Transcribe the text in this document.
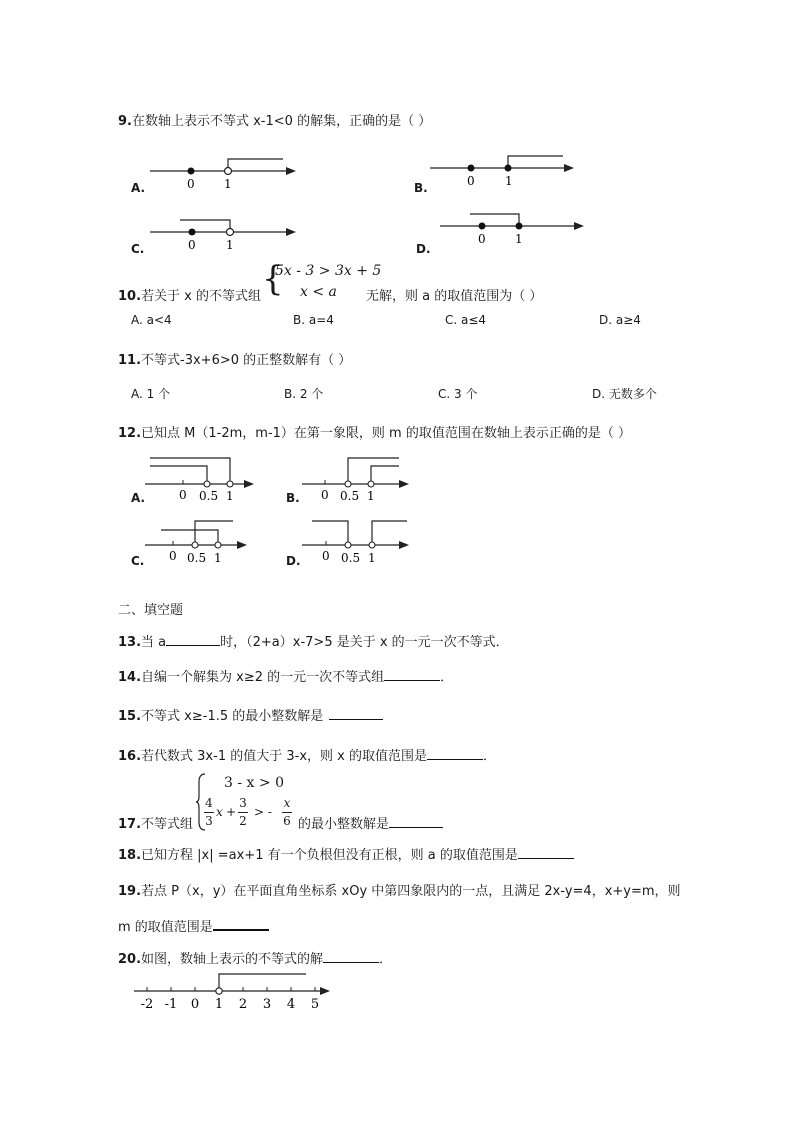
9.在数轴上表示不等式 x-1<0 的解集，正确的是（ ）
A.	0 1	B.	0	1
C.	0	1	D.
0 1
10.若关于 x 的不等式组 {
5x - 3 > 3x + 5
x < a 无解，则 a 的取值范围为（ ）
A. a<4	B. a=4	C. a≤4	D. a≥4
11.不等式-3x+6>0 的正整数解有（ ）
A. 1 个	B. 2 个	C. 3 个	D. 无数多个
12.已知点 M（1-2m，m-1）在第一象限，则 m 的取值范围在数轴上表示正确的是（ ）
A.	0 0.5 1	B. 0 0.5 1
C. 0 0.5 1	D. 0 0.5 1
二、填空题
13.当 a	时，（2+a）x-7>5 是关于 x 的一元一次不等式．
14.自编一个解集为 x≥2 的一元一次不等式组	．
15.不等式 x≥-1.5 的最小整数解是
16.若代数式 3x-1 的值大于 3-x，则 x 的取值范围是	．
17.不等式组
3 - x > 0
4
3
x +
3
2
> -
x
6 的最小整数解是
18.已知方程 |x| =ax+1 有一个负根但没有正根，则 a 的取值范围是
19.若点 P（x，y）在平面直角坐标系 xOy 中第四象限内的一点，且满足 2x-y=4，x+y=m，则
m 的取值范围是
20.如图，数轴上表示的不等式的解	．
-2 -1 0 1 2 3 4 5
